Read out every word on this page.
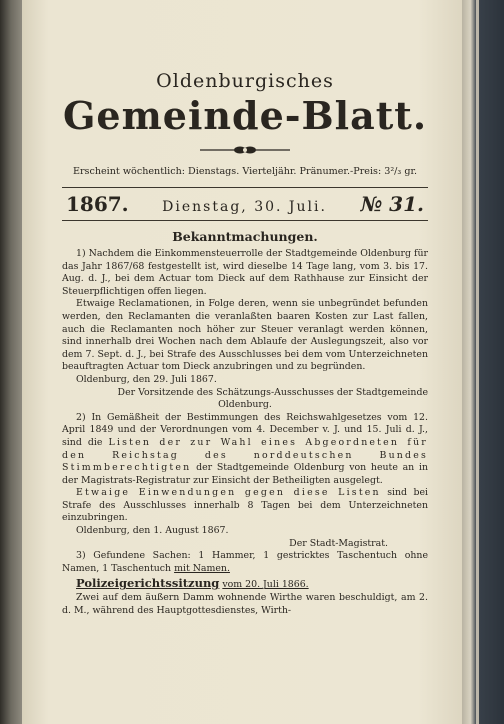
Oldenburgisches
Gemeinde-Blatt.
Erscheint wöchentlich: Dienstags. Vierteljähr. Pränumer.-Preis: 3²/₃ gr.
1867. Dienstag, 30. Juli. № 31.
Bekanntmachungen.

1) Nachdem die Einkommensteuerrolle der Stadtgemeinde Oldenburg für das Jahr 1867/68 festgestellt ist, wird dieselbe 14 Tage lang, vom 3. bis 17. Aug. d. J., bei dem Actuar tom Dieck auf dem Rathhause zur Einsicht der Steuerpflichtigen offen liegen.

Etwaige Reclamationen, in Folge deren, wenn sie unbegründet befunden werden, den Reclamanten die veranlaßten baaren Kosten zur Last fallen, auch die Reclamanten noch höher zur Steuer veranlagt werden können, sind innerhalb drei Wochen nach dem Ablaufe der Auslegungszeit, also vor dem 7. Sept. d. J., bei Strafe des Ausschlusses bei dem vom Unterzeichneten beauftragten Actuar tom Dieck anzubringen und zu begründen.

Oldenburg, den 29. Juli 1867.

Der Vorsitzende des Schätzungs-Ausschusses der Stadtgemeinde

Oldenburg.

2) In Gemäßheit der Bestimmungen des Reichswahlgesetzes vom 12. April 1849 und der Verordnungen vom 4. December v. J. und 15. Juli d. J., sind die Listen der zur Wahl eines Abgeordneten für den Reichstag des norddeutschen Bundes Stimmberechtigten der Stadtgemeinde Oldenburg von heute an in der Magistrats-Registratur zur Einsicht der Betheiligten ausgelegt.

Etwaige Einwendungen gegen diese Listen sind bei Strafe des Ausschlusses innerhalb 8 Tagen bei dem Unterzeichneten einzubringen.

Oldenburg, den 1. August 1867.

Der Stadt-Magistrat.

3) Gefundene Sachen: 1 Hammer, 1 gestricktes Taschentuch ohne Namen, 1 Taschentuch mit Namen.

Polizeigerichtssitzung vom 20. Juli 1866.

Zwei auf dem äußern Damm wohnende Wirthe waren beschuldigt, am 2. d. M., während des Hauptgottesdienstes, Wirth-
